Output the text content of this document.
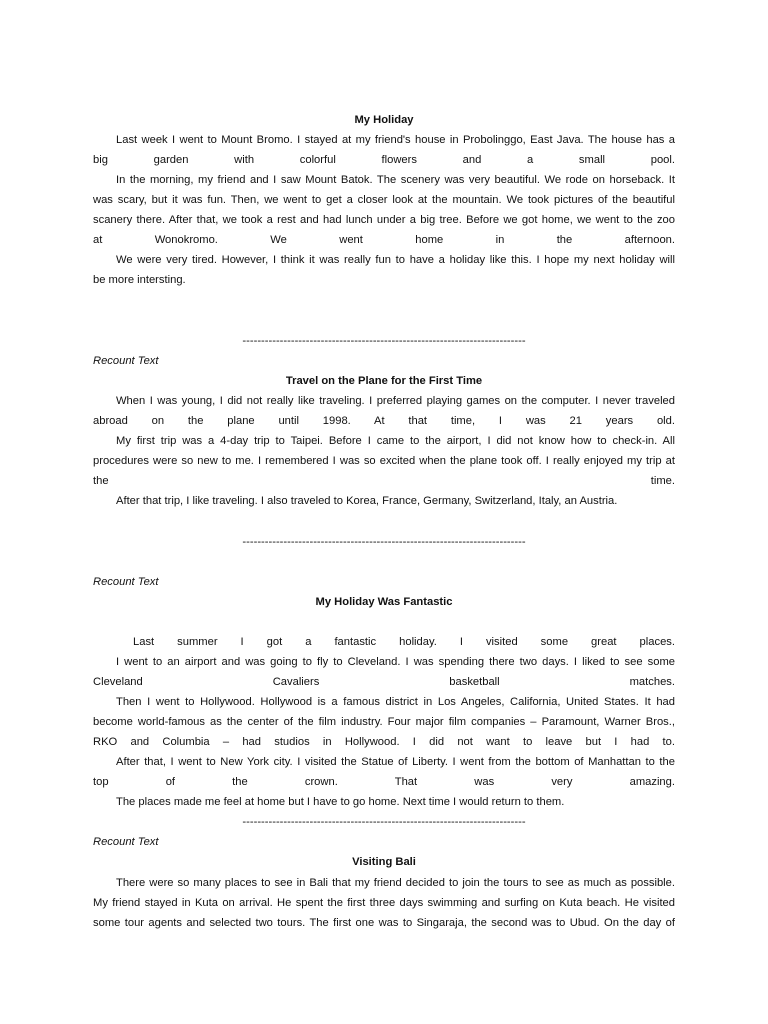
My Holiday
Last week I went to Mount Bromo. I stayed at my friend's house in Probolinggo, East Java. The house has a
big garden with colorful flowers and a small pool.
In the morning, my friend and I saw Mount Batok. The scenery was very beautiful. We rode on horseback. It
was scary, but it was fun. Then, we went to get a closer look at the mountain. We took pictures of the beautiful
scanery there. After that, we took a rest and had lunch under a big tree. Before we got home, we went to the zoo
at Wonokromo. We went home in the afternoon.
We were very tired. However, I think it was really fun to have a holiday like this. I hope my next holiday will
be more intersting.
----------------------------------------------------------------------------
Recount Text
Travel on the Plane for the First Time
When I was young, I did not really like traveling. I preferred playing games on the computer. I never traveled
abroad on the plane until 1998. At that time, I was 21 years old.
My first trip was a 4-day trip to Taipei. Before I came to the airport, I did not know how to check-in. All
procedures were so new to me. I remembered I was so excited when the plane took off. I really enjoyed my trip at
the time.
After that trip, I like traveling. I also traveled to Korea, France, Germany, Switzerland, Italy, an Austria.
----------------------------------------------------------------------------
Recount Text
My Holiday Was Fantastic
Last summer I got a fantastic holiday. I visited some great places.
I went to an airport and was going to fly to Cleveland. I was spending there two days. I liked to see some
Cleveland Cavaliers basketball matches.
Then I went to Hollywood. Hollywood is a famous district in Los Angeles, California, United States. It had
become world-famous as the center of the film industry. Four major film companies – Paramount, Warner Bros.,
RKO and Columbia – had studios in Hollywood. I did not want to leave but I had to.
After that, I went to New York city. I visited the Statue of Liberty. I went from the bottom of Manhattan to the
top of the crown. That was very amazing.
The places made me feel at home but I have to go home. Next time I would return to them.
----------------------------------------------------------------------------
Recount Text
Visiting Bali
There were so many places to see in Bali that my friend decided to join the tours to see as much as possible.
My friend stayed in Kuta on arrival. He spent the first three days swimming and surfing on Kuta beach. He visited
some tour agents and selected two tours. The first one was to Singaraja, the second was to Ubud. On the day of
